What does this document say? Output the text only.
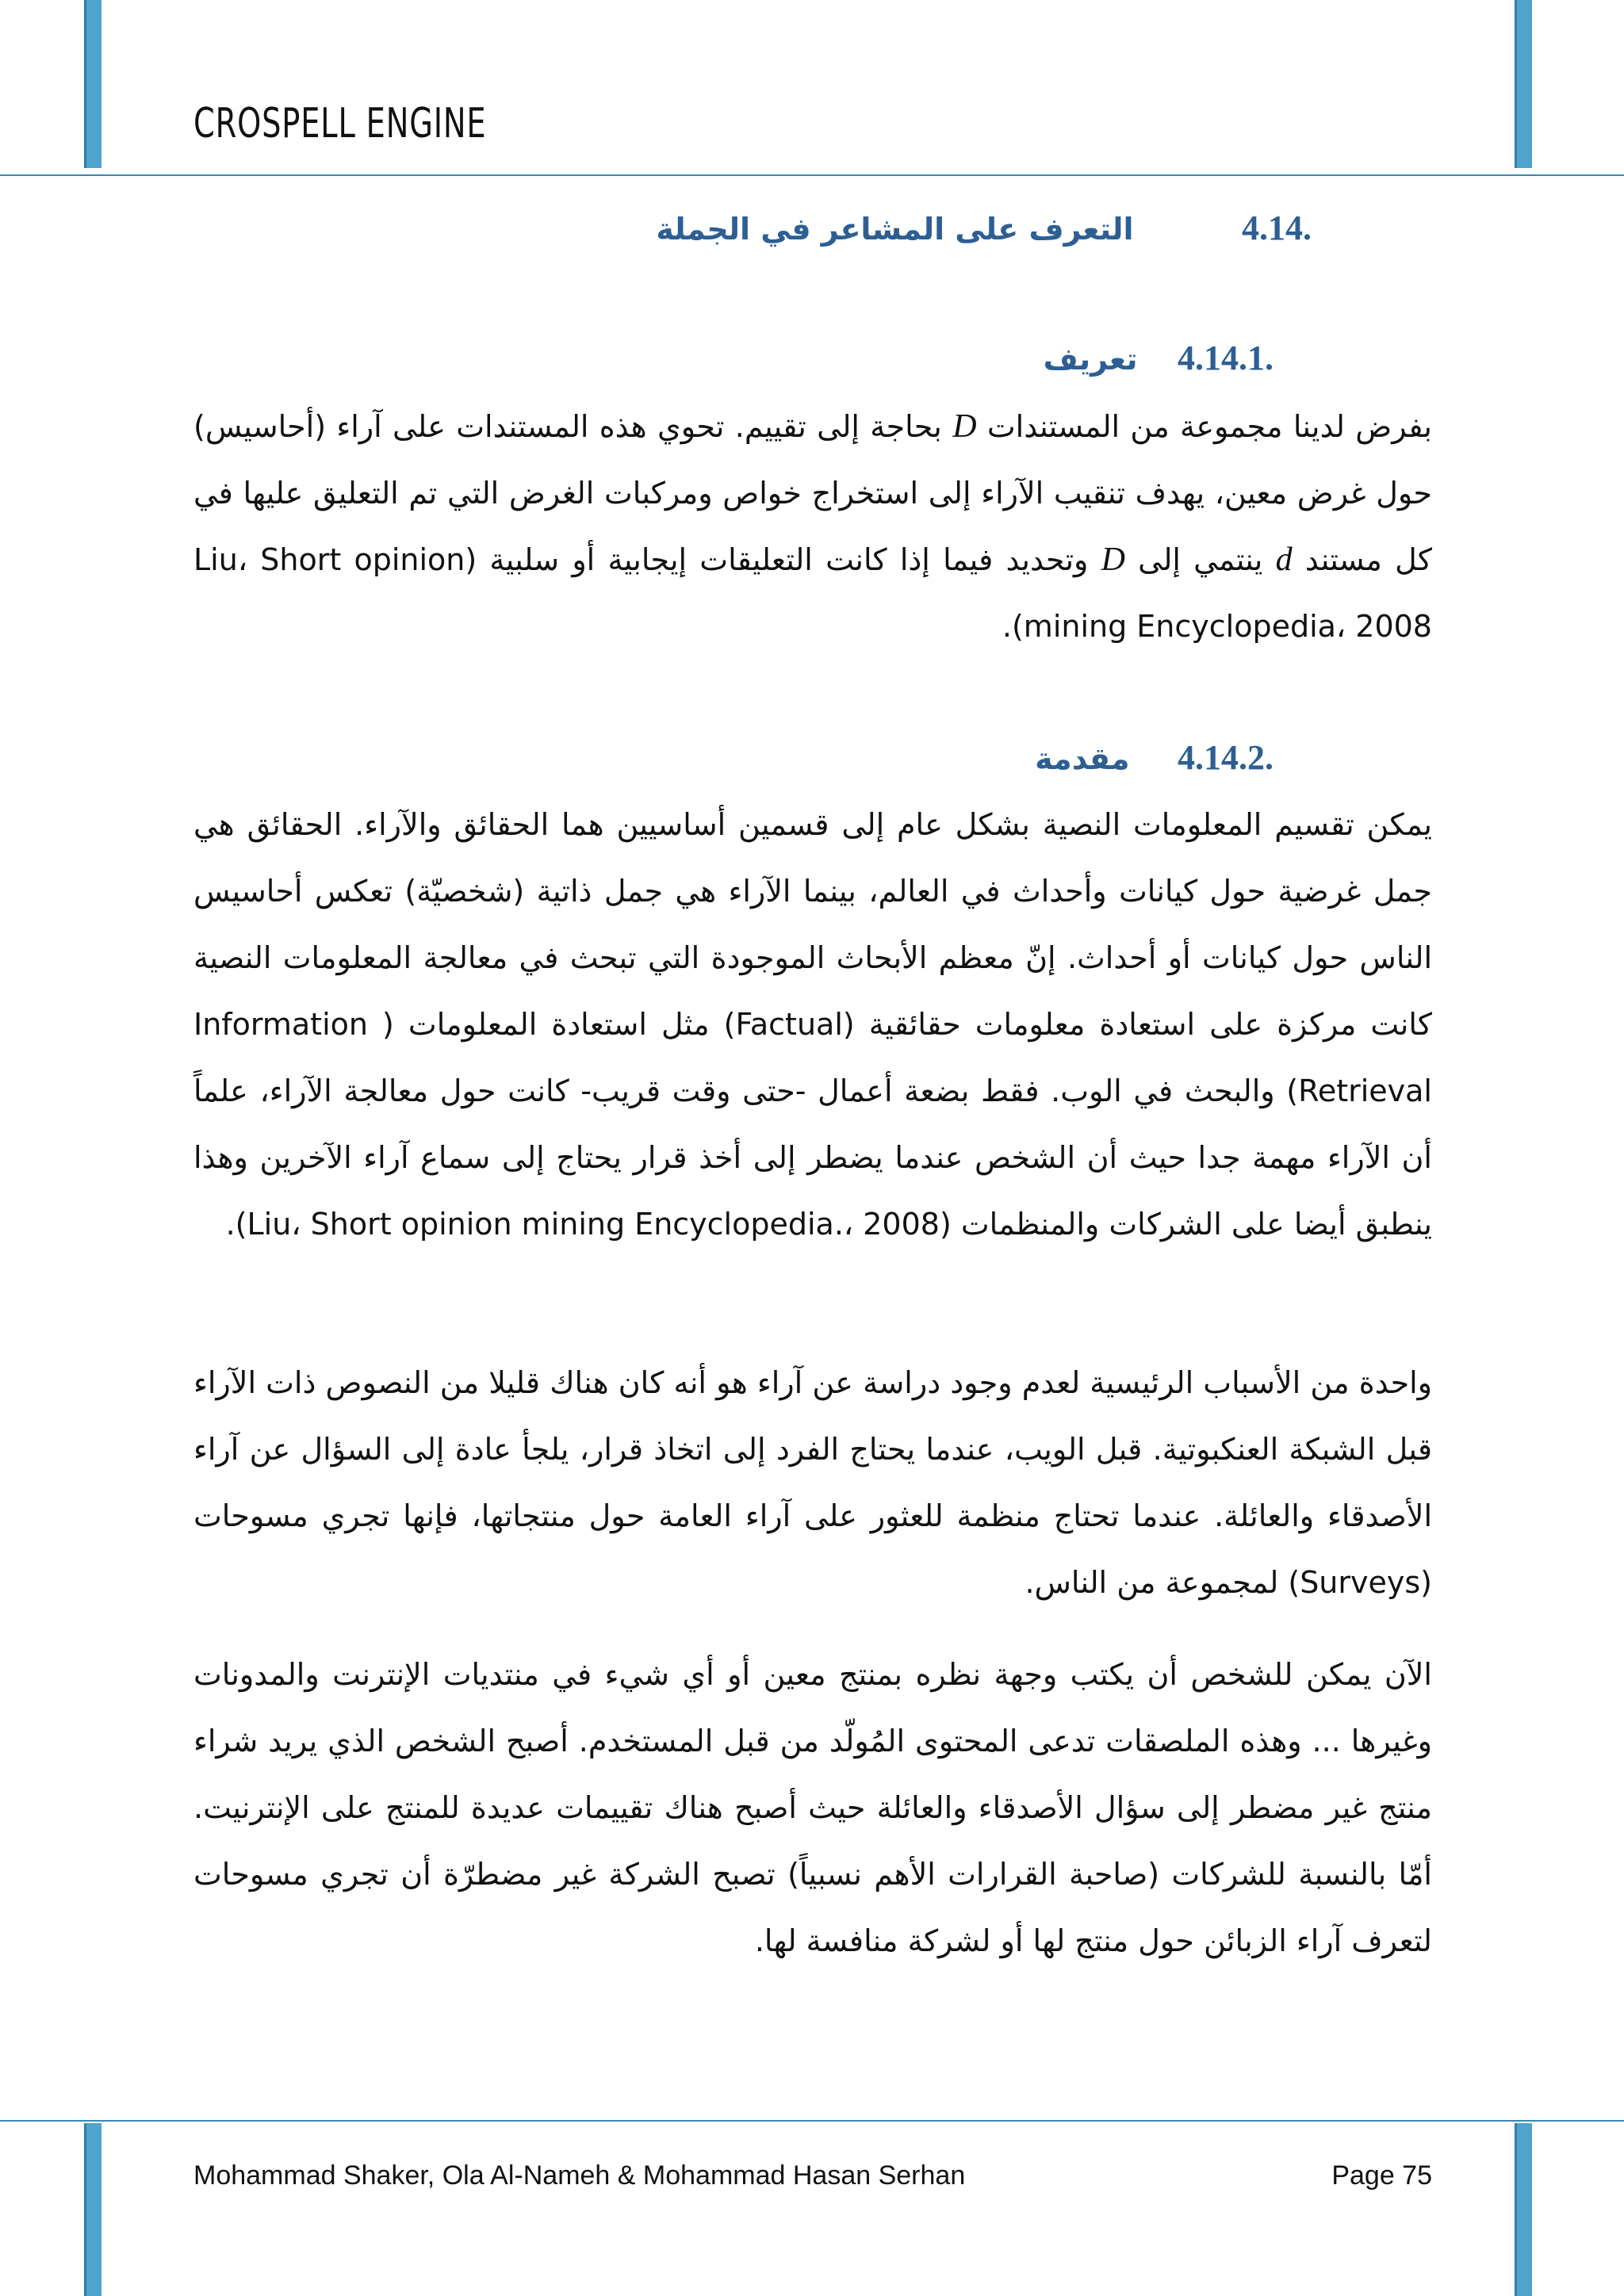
CROSPELL ENGINE
4.14.  التعرف على المشاعر في الجملة
4.14.1.  تعريف

بفرض لدينا مجموعة من المستندات D بحاجة إلى تقييم. تحوي هذه المستندات على آراء (أحاسيس) حول غرض معين، يهدف تنقيب الآراء إلى استخراج خواص ومركبات الغرض التي تم التعليق عليها في كل مستند d ينتمي إلى D وتحديد فيما إذا كانت التعليقات إيجابية أو سلبية (Liu، Short opinion mining Encyclopedia، 2008).

4.14.2.  مقدمة

يمكن تقسيم المعلومات النصية بشكل عام إلى قسمين أساسيين هما الحقائق والآراء. الحقائق هي جمل غرضية حول كيانات وأحداث في العالم، بينما الآراء هي جمل ذاتية (شخصيّة) تعكس أحاسيس الناس حول كيانات أو أحداث. إنّ معظم الأبحاث الموجودة التي تبحث في معالجة المعلومات النصية كانت مركزة على استعادة معلومات حقائقية (Factual) مثل استعادة المعلومات ( Information Retrieval) والبحث في الوب. فقط بضعة أعمال -حتى وقت قريب- كانت حول معالجة الآراء، علماً أن الآراء مهمة جدا حيث أن الشخص عندما يضطر إلى أخذ قرار يحتاج إلى سماع آراء الآخرين وهذا ينطبق أيضا على الشركات والمنظمات (Liu، Short opinion mining Encyclopedia.، 2008).

واحدة من الأسباب الرئيسية لعدم وجود دراسة عن آراء هو أنه كان هناك قليلا من النصوص ذات الآراء قبل الشبكة العنكبوتية. قبل الويب، عندما يحتاج الفرد إلى اتخاذ قرار، يلجأ عادة إلى السؤال عن آراء الأصدقاء والعائلة. عندما تحتاج منظمة للعثور على آراء العامة حول منتجاتها، فإنها تجري مسوحات (Surveys) لمجموعة من الناس.

الآن يمكن للشخص أن يكتب وجهة نظره بمنتج معين أو أي شيء في منتديات الإنترنت والمدونات وغيرها ... وهذه الملصقات تدعى المحتوى المُولّد من قبل المستخدم. أصبح الشخص الذي يريد شراء منتج غير مضطر إلى سؤال الأصدقاء والعائلة حيث أصبح هناك تقييمات عديدة للمنتج على الإنترنيت. أمّا بالنسبة للشركات (صاحبة القرارات الأهم نسبياً) تصبح الشركة غير مضطرّة أن تجري مسوحات لتعرف آراء الزبائن حول منتج لها أو لشركة منافسة لها.

Mohammad Shaker, Ola Al-Nameh & Mohammad Hasan Serhan	Page 75
